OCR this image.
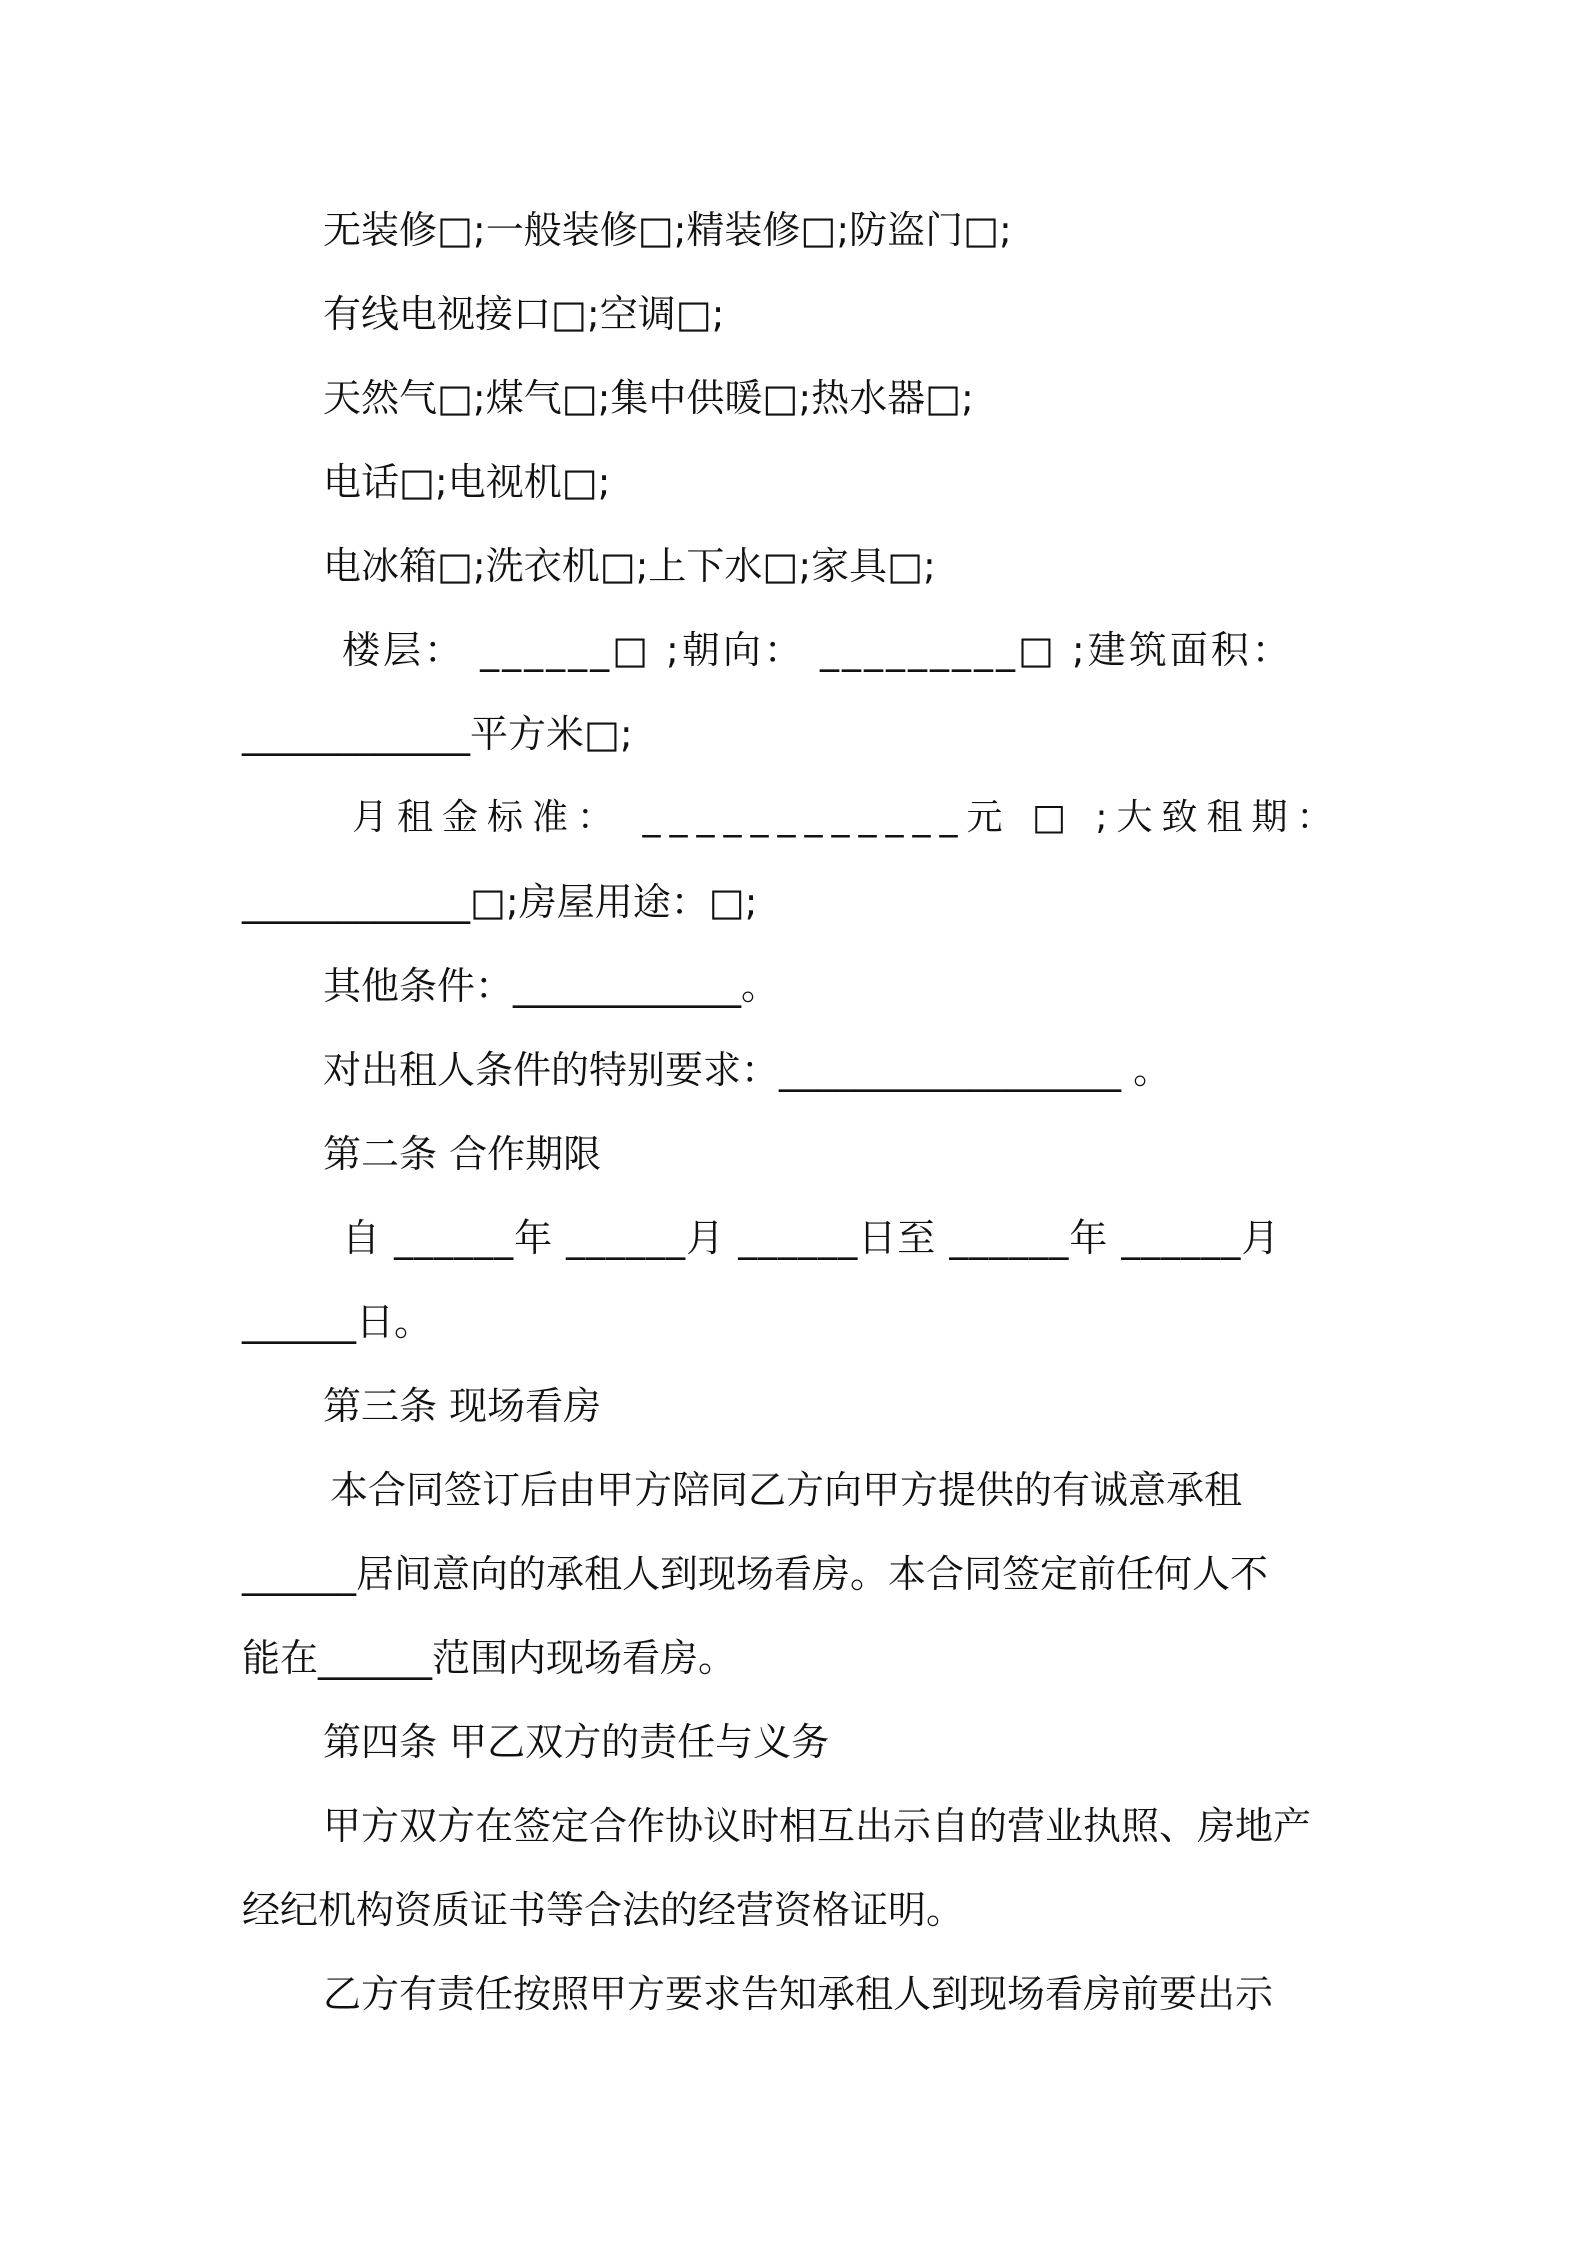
无装修□;一般装修□;精装修□;防盗门□;
有线电视接口□;空调□;
天然气□;煤气□;集中供暖□;热水器□;
电话□;电视机□;
电冰箱□;洗衣机□;上下水□;家具□;
楼层： ______□ ;朝向： _________□ ;建筑面积：
____________平方米□;
月租金标准： ____________元 □ ;大致租期：
____________□;房屋用途：□;
其他条件：____________。
对出租人条件的特别要求：__________________ 。
第二条 合作期限
自 ______年 ______月 ______日至 ______年 ______月
______日。
第三条 现场看房
本合同签订后由甲方陪同乙方向甲方提供的有诚意承租
______居间意向的承租人到现场看房。本合同签定前任何人不
能在______范围内现场看房。
第四条 甲乙双方的责任与义务
甲方双方在签定合作协议时相互出示自的营业执照、房地产
经纪机构资质证书等合法的经营资格证明。
乙方有责任按照甲方要求告知承租人到现场看房前要出示
